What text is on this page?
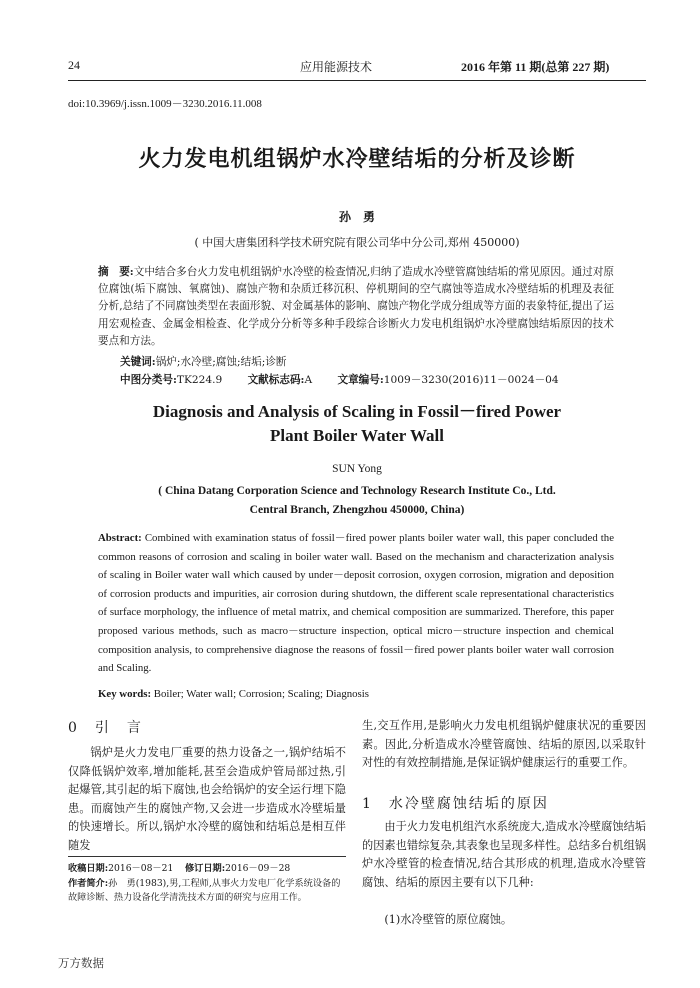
24	应用能源技术	2016 年第 11 期(总第 227 期)
doi:10.3969/j.issn.1009－3230.2016.11.008
火力发电机组锅炉水冷壁结垢的分析及诊断
孙　勇
( 中国大唐集团科学技术研究院有限公司华中分公司,郑州 450000)
摘　要:文中结合多台火力发电机组锅炉水冷壁的检查情况,归纳了造成水冷壁管腐蚀结垢的常见原因。通过对原位腐蚀(垢下腐蚀、氧腐蚀)、腐蚀产物和杂质迁移沉积、停机期间的空气腐蚀等造成水冷壁结垢的机理及表征分析,总结了不同腐蚀类型在表面形貌、对金属基体的影响、腐蚀产物化学成分组成等方面的表象特征,提出了运用宏观检查、金属金相检查、化学成分分析等多种手段综合诊断火力发电机组锅炉水冷壁腐蚀结垢原因的技术要点和方法。
关键词:锅炉;水冷壁;腐蚀;结垢;诊断
中图分类号:TK224.9 文献标志码:A 文章编号:1009－3230(2016)11－0024－04
Diagnosis and Analysis of Scaling in Fossil－fired Power
Plant Boiler Water Wall
SUN Yong
( China Datang Corporation Science and Technology Research Institute Co., Ltd.
Central Branch, Zhengzhou 450000, China)
Abstract: Combined with examination status of fossil－fired power plants boiler water wall, this paper concluded the common reasons of corrosion and scaling in boiler water wall. Based on the mechanism and characterization analysis of scaling in Boiler water wall which caused by under－deposit corrosion, oxygen corrosion, migration and deposition of corrosion products and impurities, air corrosion during shutdown, the different scale representational characteristics of surface morphology, the influence of metal matrix, and chemical composition are summarized. Therefore, this paper proposed various methods, such as macro－structure inspection, optical micro－structure inspection and chemical composition analysis, to comprehensive diagnose the reasons of fossil－fired power plants boiler water wall corrosion and Scaling.
Key words: Boiler; Water wall; Corrosion; Scaling; Diagnosis
0　引　言
锅炉是火力发电厂重要的热力设备之一,锅炉结垢不仅降低锅炉效率,增加能耗,甚至会造成炉管局部过热,引起爆管,其引起的垢下腐蚀,也会给锅炉的安全运行埋下隐患。而腐蚀产生的腐蚀产物,又会进一步造成水冷壁垢量的快速增长。所以,锅炉水冷壁的腐蚀和结垢总是相互伴随发
收稿日期:2016－08－21 修订日期:2016－09－28
作者简介:孙　勇(1983),男,工程师,从事火力发电厂化学系统设备的故障诊断、热力设备化学清洗技术方面的研究与应用工作。
生,交互作用,是影响火力发电机组锅炉健康状况的重要因素。因此,分析造成水冷壁管腐蚀、结垢的原因,以采取针对性的有效控制措施,是保证锅炉健康运行的重要工作。
1　水冷壁腐蚀结垢的原因
由于火力发电机组汽水系统庞大,造成水冷壁腐蚀结垢的因素也错综复杂,其表象也呈现多样性。总结多台机组锅炉水冷壁管的检查情况,结合其形成的机理,造成水冷壁管腐蚀、结垢的原因主要有以下几种:
(1)水冷壁管的原位腐蚀。
万方数据
